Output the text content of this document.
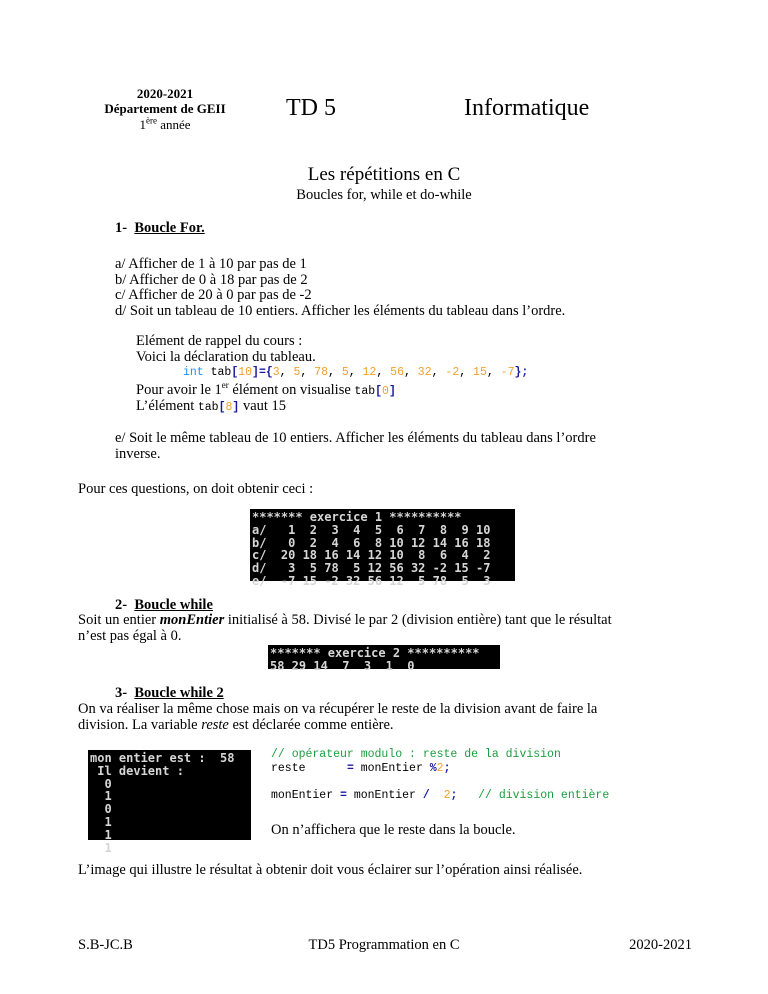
2020-2021
Département de GEII
1ère année
TD 5	Informatique
Les répétitions en C
Boucles for, while et do-while
1- Boucle For.
a/ Afficher de 1 à 10 par pas de 1
b/ Afficher de 0 à 18 par pas de 2
c/ Afficher de 20 à 0 par pas de -2
d/ Soit un tableau de 10 entiers. Afficher les éléments du tableau dans l’ordre.
Elément de rappel du cours :
Voici la déclaration du tableau.
int tab[10]={3, 5, 78, 5, 12, 56, 32, -2, 15, -7};
Pour avoir le 1er élément on visualise tab[0]
L’élément tab[8] vaut 15
e/ Soit le même tableau de 10 entiers. Afficher les éléments du tableau dans l’ordre
inverse.
Pour ces questions, on doit obtenir ceci :
******* exercice 1 **********
a/   1  2  3  4  5  6  7  8  9 10
b/   0  2  4  6  8 10 12 14 16 18
c/  20 18 16 14 12 10  8  6  4  2
d/   3  5 78  5 12 56 32 -2 15 -7
e/  -7 15 -2 32 56 12  5 78  5  3
2- Boucle while
Soit un entier monEntier initialisé à 58. Divisé le par 2 (division entière) tant que le résultat
n’est pas égal à 0.
******* exercice 2 **********
58 29 14  7  3  1  0
3- Boucle while 2
On va réaliser la même chose mais on va récupérer le reste de la division avant de faire la
division. La variable reste est déclarée comme entière.
mon entier est :  58
Il devient :
0
1
0
1
1
1
// opérateur modulo : reste de la division
reste	= monEntier %2;
monEntier = monEntier / 2; // division entière
On n’affichera que le reste dans la boucle.
L’image qui illustre le résultat à obtenir doit vous éclairer sur l’opération ainsi réalisée.
S.B-JC.B	TD5 Programmation en C	2020-2021
